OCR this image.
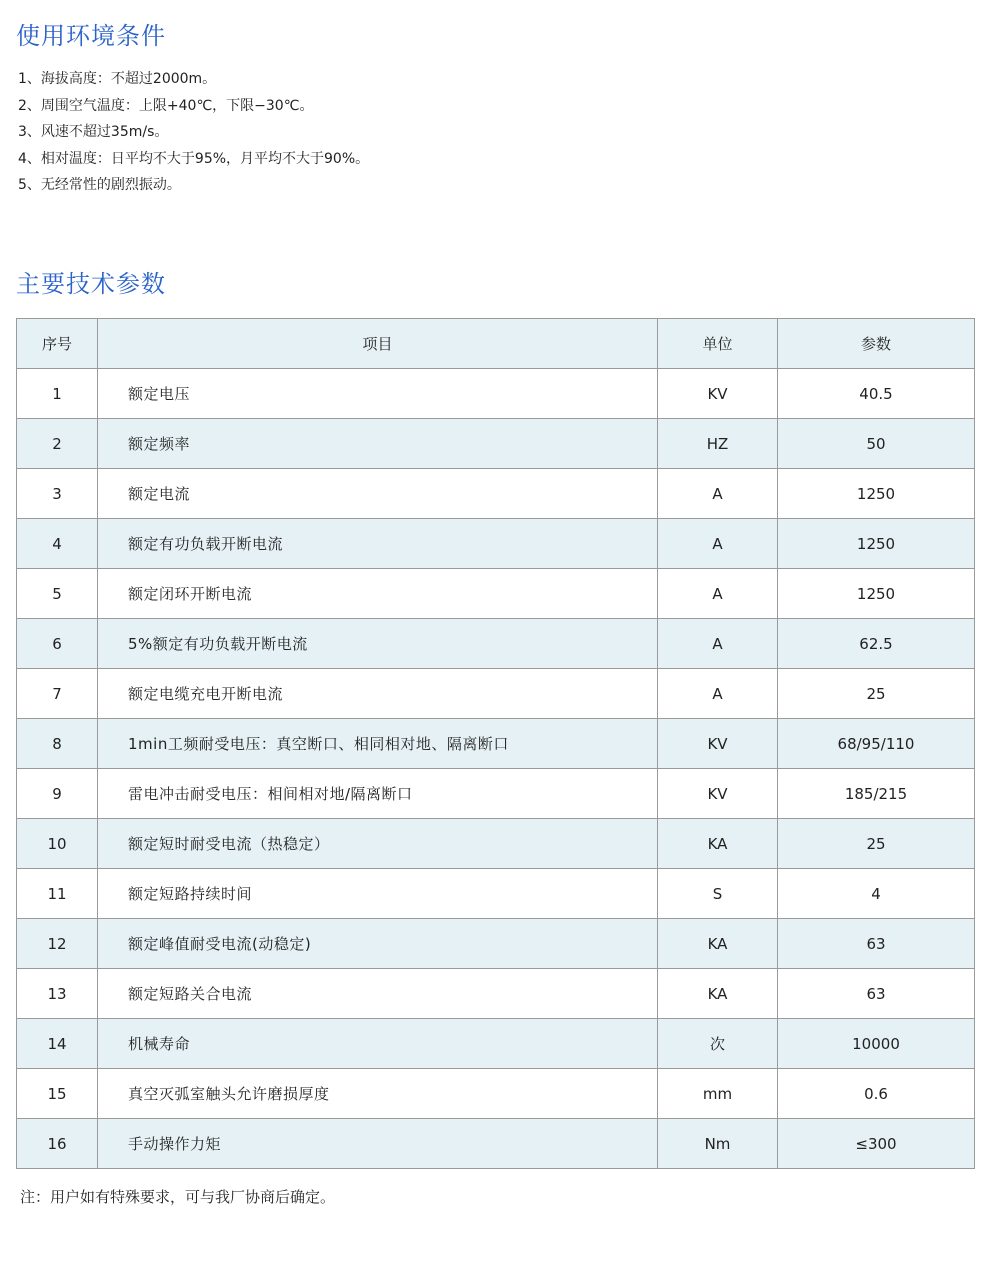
使用环境条件
1、海拔高度：不超过2000m。
2、周围空气温度：上限+40℃，下限−30℃。
3、风速不超过35m/s。
4、相对温度：日平均不大于95%，月平均不大于90%。
5、无经常性的剧烈振动。
主要技术参数
序号	项目	单位	参数
1	额定电压	KV	40.5
2	额定频率	HZ	50
3	额定电流	A	1250
4	额定有功负载开断电流	A	1250
5	额定闭环开断电流	A	1250
6	5%额定有功负载开断电流	A	62.5
7	额定电缆充电开断电流	A	25
8	1min工频耐受电压：真空断口、相同相对地、隔离断口	KV	68/95/110
9	雷电冲击耐受电压：相间相对地/隔离断口	KV	185/215
10	额定短时耐受电流（热稳定）	KA	25
11	额定短路持续时间	S	4
12	额定峰值耐受电流(动稳定)	KA	63
13	额定短路关合电流	KA	63
14	机械寿命	次	10000
15	真空灭弧室触头允许磨损厚度	mm	0.6
16	手动操作力矩	Nm	≤300

注：用户如有特殊要求，可与我厂协商后确定。
